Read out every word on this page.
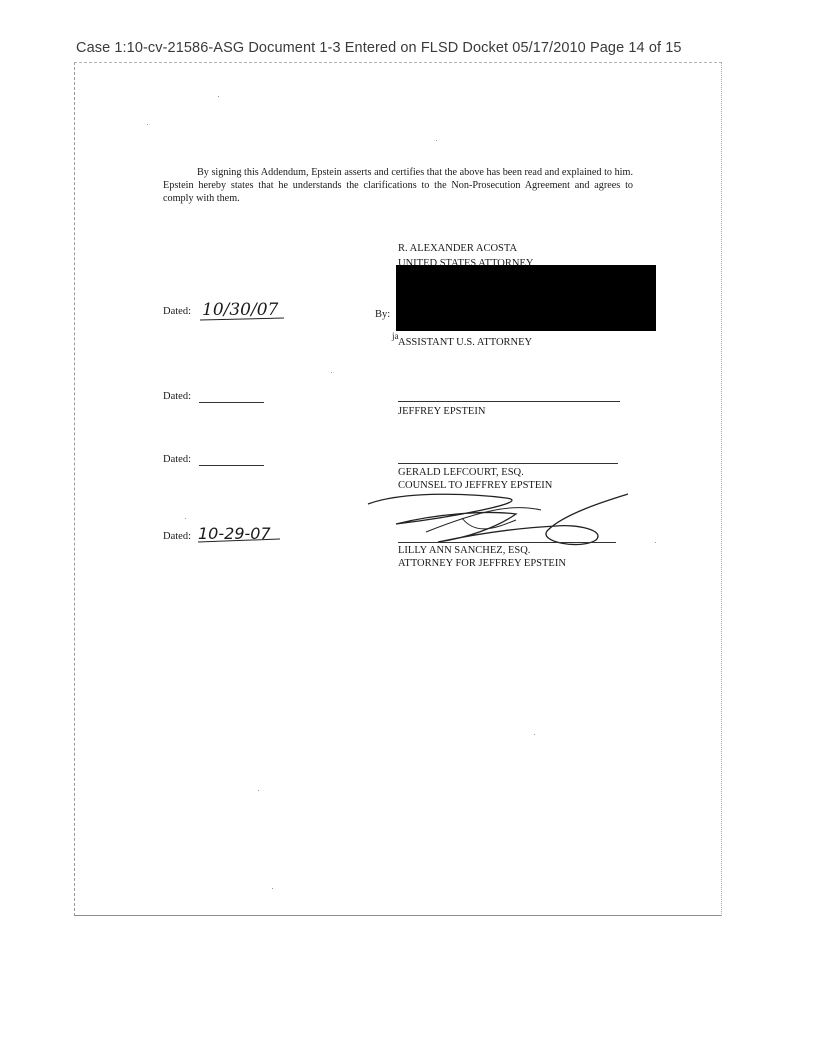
Case 1:10-cv-21586-ASG Document 1-3 Entered on FLSD Docket 05/17/2010 Page 14 of 15

By signing this Addendum, Epstein asserts and certifies that the above has been read and explained to him. Epstein hereby states that he understands the clarifications to the Non-Prosecution Agreement and agrees to comply with them.

R. ALEXANDER ACOSTA
UNITED STATES ATTORNEY
Dated: 10/30/07	By:
ja
ASSISTANT U.S. ATTORNEY
Dated:
JEFFREY EPSTEIN
Dated:
GERALD LEFCOURT, ESQ.
COUNSEL TO JEFFREY EPSTEIN
Dated: 10-29-07
LILLY ANN SANCHEZ, ESQ.
ATTORNEY FOR JEFFREY EPSTEIN
